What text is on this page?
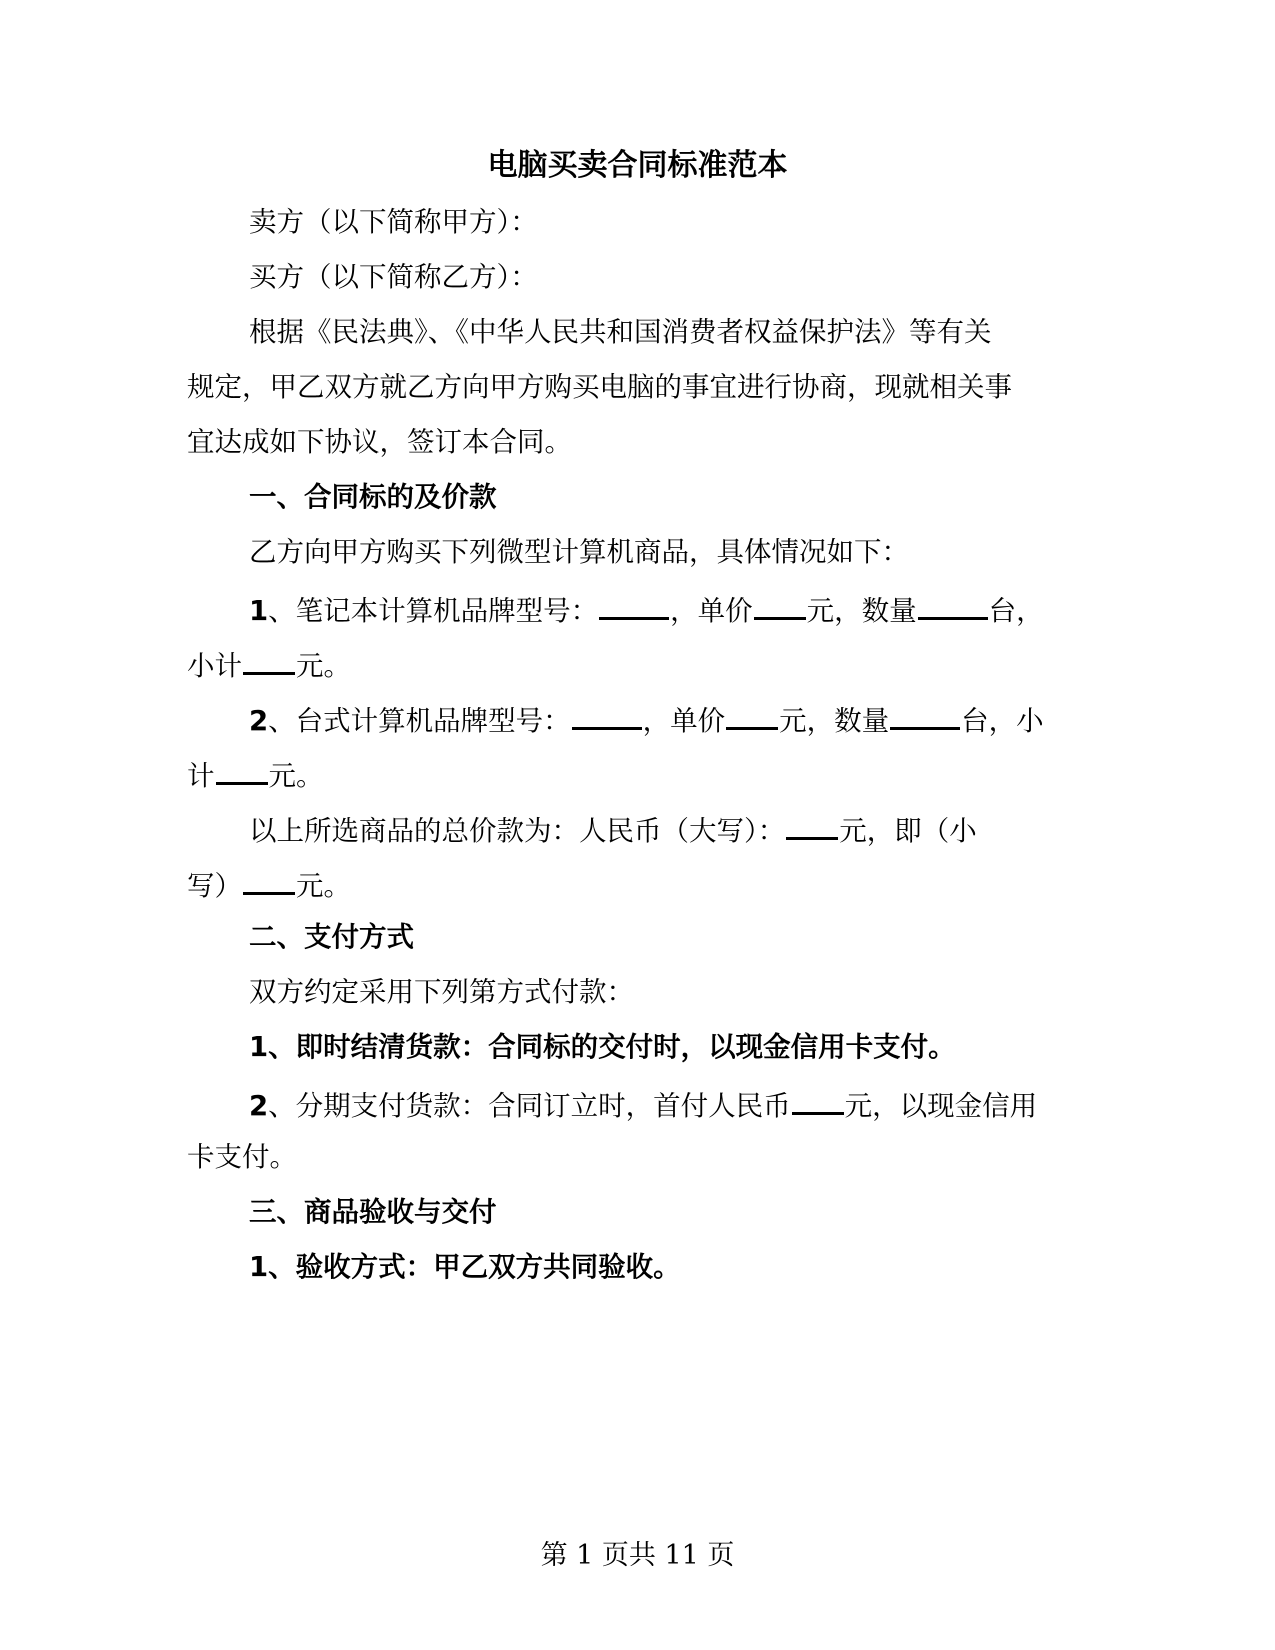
电脑买卖合同标准范本
卖方（以下简称甲方）：
买方（以下简称乙方）：
根据《民法典》、《中华人民共和国消费者权益保护法》等有关
规定，甲乙双方就乙方向甲方购买电脑的事宜进行协商，现就相关事
宜达成如下协议，签订本合同。
一、合同标的及价款
乙方向甲方购买下列微型计算机商品，具体情况如下：
1、笔记本计算机品牌型号：	，单价 元，数量	台，
小计 元。
2、台式计算机品牌型号：	，单价 元，数量	台，小
计 元。
以上所选商品的总价款为：人民币（大写）： 元，即（小
写） 元。
二、支付方式
双方约定采用下列第方式付款：
1、即时结清货款：合同标的交付时，以现金信用卡支付。
2、分期支付货款：合同订立时，首付人民币 元，以现金信用
卡支付。
三、商品验收与交付
1、验收方式：甲乙双方共同验收。
第 1 页共 11 页
